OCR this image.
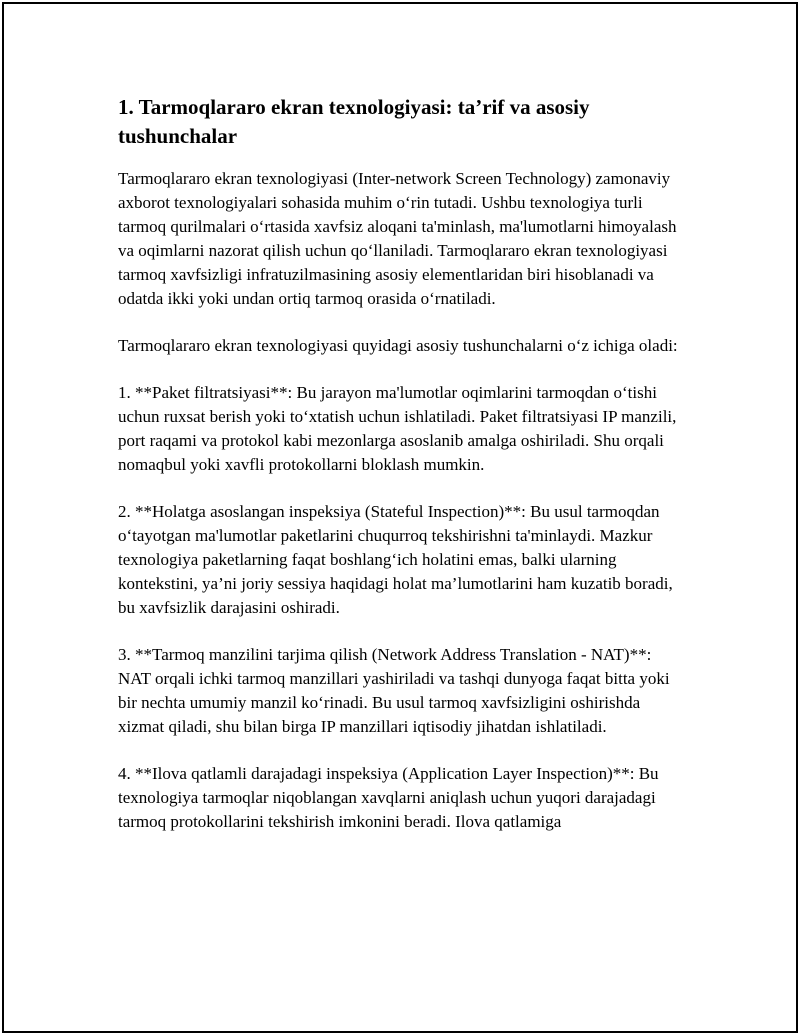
1. Tarmoqlararo ekran texnologiyasi: ta’rif va asosiy tushunchalar

Tarmoqlararo ekran texnologiyasi (Inter-network Screen Technology) zamonaviy axborot texnologiyalari sohasida muhim o‘rin tutadi. Ushbu texnologiya turli tarmoq qurilmalari o‘rtasida xavfsiz aloqani ta'minlash, ma'lumotlarni himoyalash va oqimlarni nazorat qilish uchun qo‘llaniladi. Tarmoqlararo ekran texnologiyasi tarmoq xavfsizligi infratuzilmasining asosiy elementlaridan biri hisoblanadi va odatda ikki yoki undan ortiq tarmoq orasida o‘rnatiladi.

Tarmoqlararo ekran texnologiyasi quyidagi asosiy tushunchalarni o‘z ichiga oladi:

1. **Paket filtratsiyasi**: Bu jarayon ma'lumotlar oqimlarini tarmoqdan o‘tishi uchun ruxsat berish yoki to‘xtatish uchun ishlatiladi. Paket filtratsiyasi IP manzili, port raqami va protokol kabi mezonlarga asoslanib amalga oshiriladi. Shu orqali nomaqbul yoki xavfli protokollarni bloklash mumkin.

2. **Holatga asoslangan inspeksiya (Stateful Inspection)**: Bu usul tarmoqdan o‘tayotgan ma'lumotlar paketlarini chuqurroq tekshirishni ta'minlaydi. Mazkur texnologiya paketlarning faqat boshlang‘ich holatini emas, balki ularning kontekstini, ya’ni joriy sessiya haqidagi holat ma’lumotlarini ham kuzatib boradi, bu xavfsizlik darajasini oshiradi.

3. **Tarmoq manzilini tarjima qilish (Network Address Translation - NAT)**: NAT orqali ichki tarmoq manzillari yashiriladi va tashqi dunyoga faqat bitta yoki bir nechta umumiy manzil ko‘rinadi. Bu usul tarmoq xavfsizligini oshirishda xizmat qiladi, shu bilan birga IP manzillari iqtisodiy jihatdan ishlatiladi.

4. **Ilova qatlamli darajadagi inspeksiya (Application Layer Inspection)**: Bu texnologiya tarmoqlar niqoblangan xavqlarni aniqlash uchun yuqori darajadagi tarmoq protokollarini tekshirish imkonini beradi. Ilova qatlamiga
